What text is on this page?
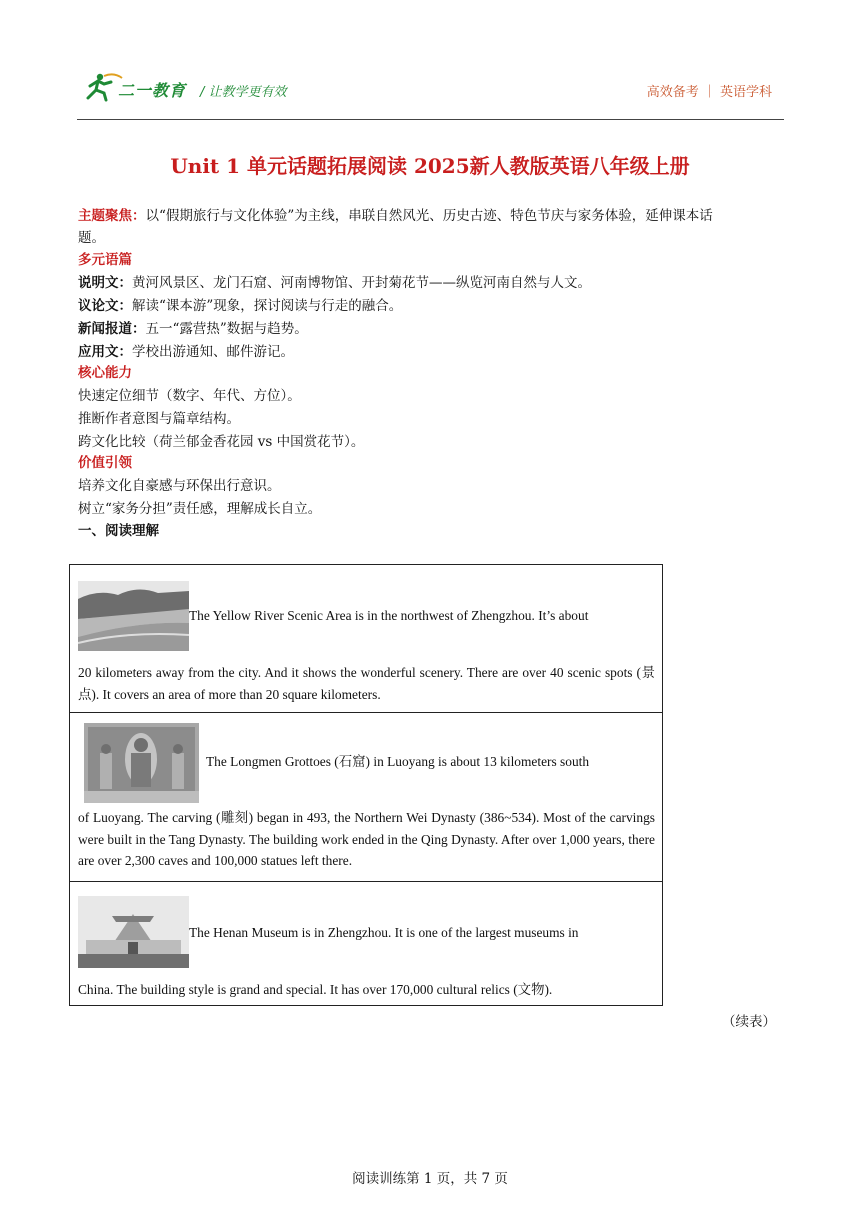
二一教育 / 让教学更有效	高效备考 ｜ 英语学科
Unit 1 单元话题拓展阅读 2025新人教版英语八年级上册
主题聚焦：以“假期旅行与文化体验”为主线，串联自然风光、历史古迹、特色节庆与家务体验，延伸课本话
题。
多元语篇
说明文：黄河风景区、龙门石窟、河南博物馆、开封菊花节——纵览河南自然与人文。
议论文：解读“课本游”现象，探讨阅读与行走的融合。
新闻报道：五一“露营热”数据与趋势。
应用文：学校出游通知、邮件游记。
核心能力
快速定位细节（数字、年代、方位）。
推断作者意图与篇章结构。
跨文化比较（荷兰郁金香花园 vs 中国赏花节）。
价值引领
培养文化自豪感与环保出行意识。
树立“家务分担”责任感，理解成长自立。
一、阅读理解
The Yellow River Scenic Area is in the northwest of Zhengzhou. It’s about
20 kilometers away from the city. And it shows the wonderful scenery. There are over 40 scenic spots (景点). It covers an area of more than 20 square kilometers.
The Longmen Grottoes (石窟) in Luoyang is about 13 kilometers south
of Luoyang. The carving (雕刻) began in 493, the Northern Wei Dynasty (386~534). Most of the carvings were built in the Tang Dynasty. The building work ended in the Qing Dynasty. After over 1,000 years, there are over 2,300 caves and 100,000 statues left there.
The Henan Museum is in Zhengzhou. It is one of the largest museums in
China. The building style is grand and special. It has over 170,000 cultural relics (文物).
（续表）
阅读训练第 1 页，共 7 页
